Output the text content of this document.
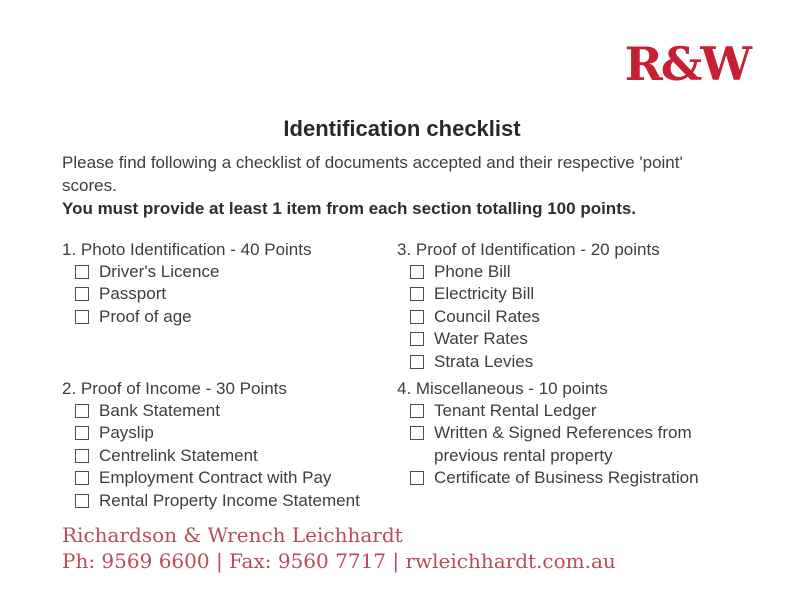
R&W
Identification checklist

Please find following a checklist of documents accepted and their respective 'point' scores.

You must provide at least 1 item from each section totalling 100 points.

1. Photo Identification - 40 Points
Driver's Licence
Passport
Proof of age
2. Proof of Income - 30 Points
Bank Statement
Payslip
Centrelink Statement
Employment Contract with Pay
Rental Property Income Statement
3. Proof of Identification - 20 points
Phone Bill
Electricity Bill
Council Rates
Water Rates
Strata Levies
4. Miscellaneous - 10 points
Tenant Rental Ledger
Written & Signed References from previous rental property
Certificate of Business Registration
Richardson & Wrench Leichhardt
Ph: 9569 6600 | Fax: 9560 7717 | rwleichhardt.com.au
